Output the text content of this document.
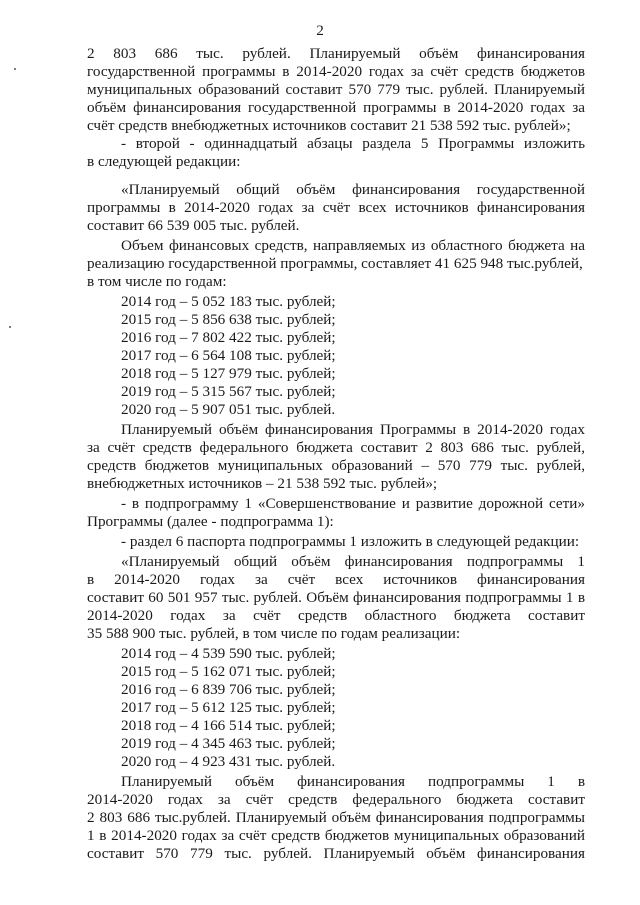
2
2 803 686 тыс. рублей. Планируемый объём финансирования
государственной программы в 2014-2020 годах за счёт средств бюджетов
муниципальных образований составит 570 779 тыс. рублей. Планируемый
объём финансирования государственной программы в 2014-2020 годах за
счёт средств внебюджетных источников составит 21 538 592 тыс. рублей»;
- второй - одиннадцатый абзацы раздела 5 Программы изложить
в следующей редакции:
«Планируемый общий объём финансирования государственной
программы в 2014-2020 годах за счёт всех источников финансирования
составит 66 539 005 тыс. рублей.
Объем финансовых средств, направляемых из областного бюджета на
реализацию государственной программы, составляет 41 625 948 тыс.рублей,
в том числе по годам:
2014 год – 5 052 183 тыс. рублей;
2015 год – 5 856 638 тыс. рублей;
2016 год – 7 802 422 тыс. рублей;
2017 год – 6 564 108 тыс. рублей;
2018 год – 5 127 979 тыс. рублей;
2019 год – 5 315 567 тыс. рублей;
2020 год – 5 907 051 тыс. рублей.
Планируемый объём финансирования Программы в 2014-2020 годах
за счёт средств федерального бюджета составит 2 803 686 тыс. рублей,
средств бюджетов муниципальных образований – 570 779 тыс. рублей,
внебюджетных источников – 21 538 592 тыс. рублей»;
- в подпрограмму 1 «Совершенствование и развитие дорожной сети»
Программы (далее - подпрограмма 1):
- раздел 6 паспорта подпрограммы 1 изложить в следующей редакции:
«Планируемый общий объём финансирования подпрограммы 1
в 2014-2020 годах за счёт всех источников финансирования
составит 60 501 957 тыс. рублей. Объём финансирования подпрограммы 1 в
2014-2020 годах за счёт средств областного бюджета составит
35 588 900 тыс. рублей, в том числе по годам реализации:
2014 год – 4 539 590 тыс. рублей;
2015 год – 5 162 071 тыс. рублей;
2016 год – 6 839 706 тыс. рублей;
2017 год – 5 612 125 тыс. рублей;
2018 год – 4 166 514 тыс. рублей;
2019 год – 4 345 463 тыс. рублей;
2020 год – 4 923 431 тыс. рублей.
Планируемый объём финансирования подпрограммы 1 в
2014-2020 годах за счёт средств федерального бюджета составит
2 803 686 тыс.рублей. Планируемый объём финансирования подпрограммы
1 в 2014-2020 годах за счёт средств бюджетов муниципальных образований
составит 570 779 тыс. рублей. Планируемый объём финансирования
